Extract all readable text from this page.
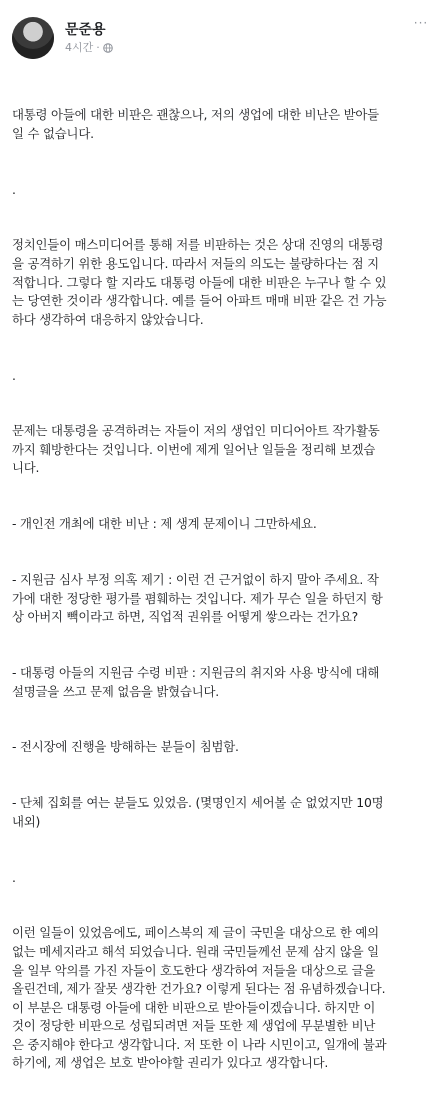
문준용
4시간 ·
···

대통령 아들에 대한 비판은 괜찮으나, 저의 생업에 대한 비난은 받아들
일 수 없습니다.

.

정치인들이 매스미디어를 통해 저를 비판하는 것은 상대 진영의 대통령
을 공격하기 위한 용도입니다. 따라서 저들의 의도는 불량하다는 점 지
적합니다. 그렇다 할 지라도 대통령 아들에 대한 비판은 누구나 할 수 있
는 당연한 것이라 생각합니다. 예를 들어 아파트 매매 비판 같은 건 가능
하다 생각하여 대응하지 않았습니다.

.

문제는 대통령을 공격하려는 자들이 저의 생업인 미디어아트 작가활동
까지 훼방한다는 것입니다. 이번에 제게 일어난 일들을 정리해 보겠습
니다.

- 개인전 개최에 대한 비난 : 제 생계 문제이니 그만하세요.

- 지원금 심사 부정 의혹 제기 : 이런 건 근거없이 하지 말아 주세요. 작
가에 대한 정당한 평가를 폄훼하는 것입니다. 제가 무슨 일을 하던지 항
상 아버지 빽이라고 하면, 직업적 권위를 어떻게 쌓으라는 건가요?

- 대통령 아들의 지원금 수령 비판 : 지원금의 취지와 사용 방식에 대해
설명글을 쓰고 문제 없음을 밝혔습니다.

- 전시장에 진행을 방해하는 분들이 침범함.

- 단체 집회를 여는 분들도 있었음. (몇명인지 세어볼 순 없었지만 10명
내외)

.

이런 일들이 있었음에도, 페이스북의 제 글이 국민을 대상으로 한 예의
없는 메세지라고 해석 되었습니다. 원래 국민들께선 문제 삼지 않을 일
을 일부 악의를 가진 자들이 호도한다 생각하여 저들을 대상으로 글을
올린건데, 제가 잘못 생각한 건가요? 이렇게 된다는 점 유념하겠습니다.
이 부분은 대통령 아들에 대한 비판으로 받아들이겠습니다. 하지만 이
것이 정당한 비판으로 성립되려면 저들 또한 제 생업에 무분별한 비난
은 중지해야 한다고 생각합니다. 저 또한 이 나라 시민이고, 일개에 불과
하기에, 제 생업은 보호 받아야할 권리가 있다고 생각합니다.
